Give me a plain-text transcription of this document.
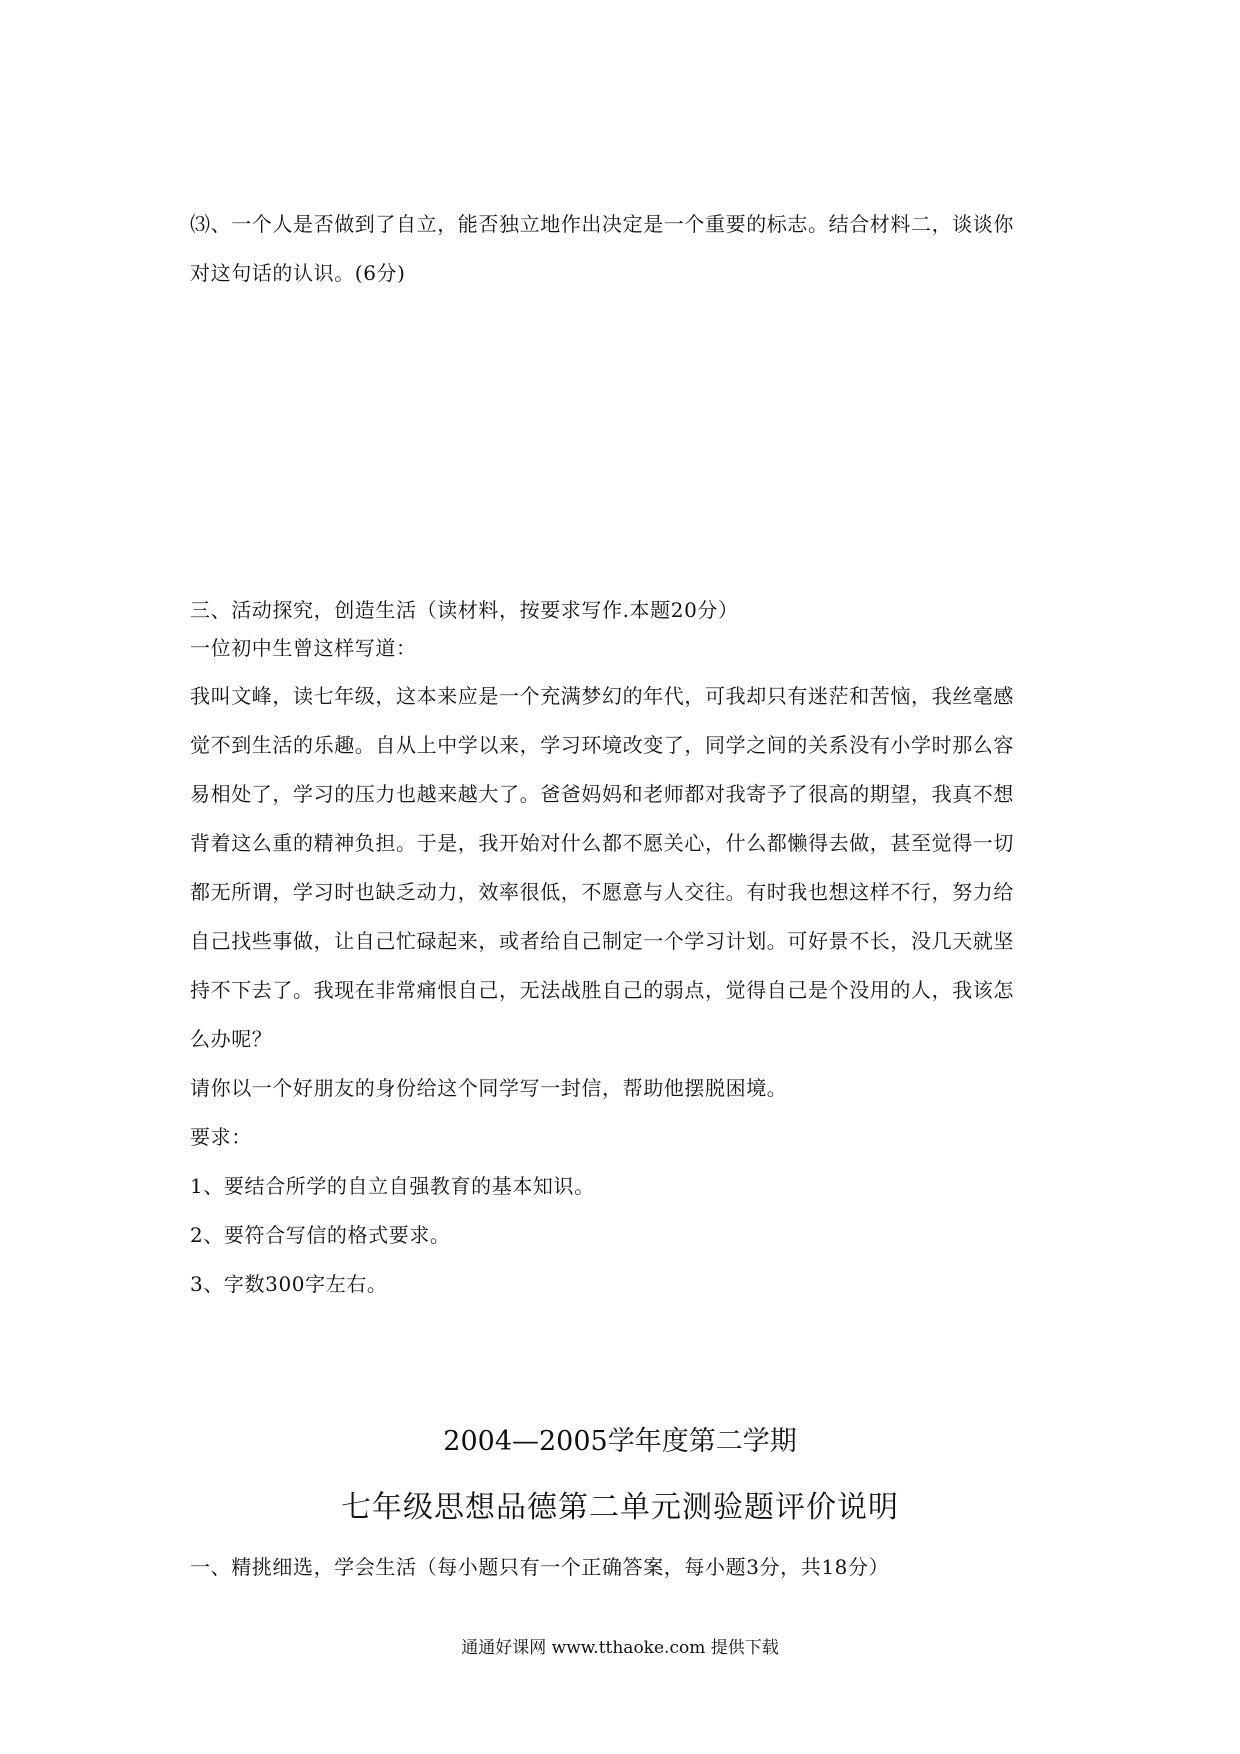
⑶、一个人是否做到了自立，能否独立地作出决定是一个重要的标志。结合材料二，谈谈你
对这句话的认识。(6分)
三、活动探究，创造生活（读材料，按要求写作.本题20分）
一位初中生曾这样写道：

我叫文峰，读七年级，这本来应是一个充满梦幻的年代，可我却只有迷茫和苦恼，我丝毫感

觉不到生活的乐趣。自从上中学以来，学习环境改变了，同学之间的关系没有小学时那么容

易相处了，学习的压力也越来越大了。爸爸妈妈和老师都对我寄予了很高的期望，我真不想

背着这么重的精神负担。于是，我开始对什么都不愿关心，什么都懒得去做，甚至觉得一切

都无所谓，学习时也缺乏动力，效率很低，不愿意与人交往。有时我也想这样不行，努力给

自己找些事做，让自己忙碌起来，或者给自己制定一个学习计划。可好景不长，没几天就坚

持不下去了。我现在非常痛恨自己，无法战胜自己的弱点，觉得自己是个没用的人，我该怎

么办呢？

请你以一个好朋友的身份给这个同学写一封信，帮助他摆脱困境。

要求：

1、要结合所学的自立自强教育的基本知识。

2、要符合写信的格式要求。

3、字数300字左右。

2004—2005学年度第二学期
七年级思想品德第二单元测验题评价说明
一、精挑细选，学会生活（每小题只有一个正确答案，每小题3分，共18分）
通通好课网 www.tthaoke.com 提供下载
